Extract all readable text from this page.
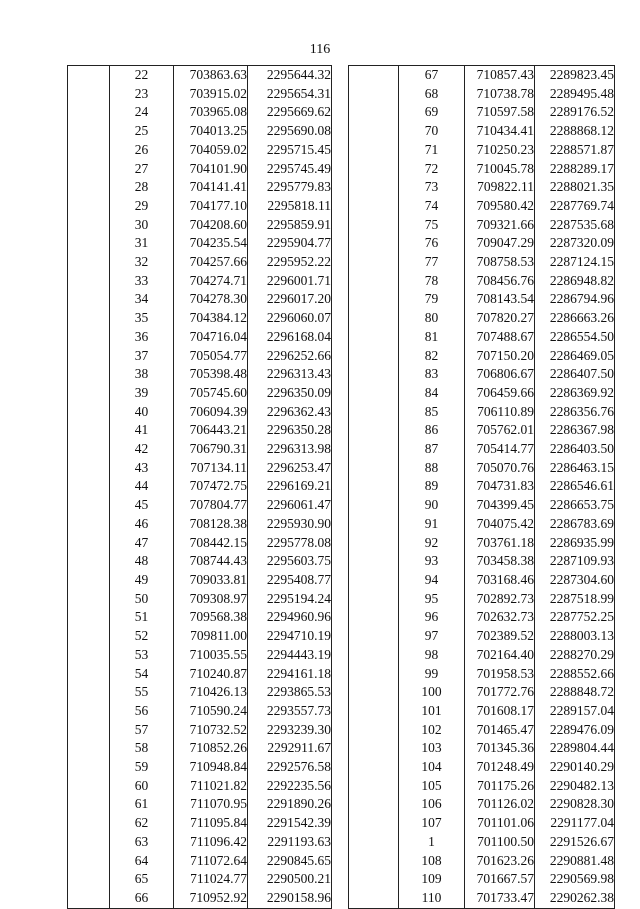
116
	22	703863.63	2295644.32
	23	703915.02	2295654.31
	24	703965.08	2295669.62
	25	704013.25	2295690.08
	26	704059.02	2295715.45
	27	704101.90	2295745.49
	28	704141.41	2295779.83
	29	704177.10	2295818.11
	30	704208.60	2295859.91
	31	704235.54	2295904.77
	32	704257.66	2295952.22
	33	704274.71	2296001.71
	34	704278.30	2296017.20
	35	704384.12	2296060.07
	36	704716.04	2296168.04
	37	705054.77	2296252.66
	38	705398.48	2296313.43
	39	705745.60	2296350.09
	40	706094.39	2296362.43
	41	706443.21	2296350.28
	42	706790.31	2296313.98
	43	707134.11	2296253.47
	44	707472.75	2296169.21
	45	707804.77	2296061.47
	46	708128.38	2295930.90
	47	708442.15	2295778.08
	48	708744.43	2295603.75
	49	709033.81	2295408.77
	50	709308.97	2295194.24
	51	709568.38	2294960.96
	52	709811.00	2294710.19
	53	710035.55	2294443.19
	54	710240.87	2294161.18
	55	710426.13	2293865.53
	56	710590.24	2293557.73
	57	710732.52	2293239.30
	58	710852.26	2292911.67
	59	710948.84	2292576.58
	60	711021.82	2292235.56
	61	711070.95	2291890.26
	62	711095.84	2291542.39
	63	711096.42	2291193.63
	64	711072.64	2290845.65
	65	711024.77	2290500.21
	66	710952.92	2290158.96
	67	710857.43	2289823.45
	68	710738.78	2289495.48
	69	710597.58	2289176.52
	70	710434.41	2288868.12
	71	710250.23	2288571.87
	72	710045.78	2288289.17
	73	709822.11	2288021.35
	74	709580.42	2287769.74
	75	709321.66	2287535.68
	76	709047.29	2287320.09
	77	708758.53	2287124.15
	78	708456.76	2286948.82
	79	708143.54	2286794.96
	80	707820.27	2286663.26
	81	707488.67	2286554.50
	82	707150.20	2286469.05
	83	706806.67	2286407.50
	84	706459.66	2286369.92
	85	706110.89	2286356.76
	86	705762.01	2286367.98
	87	705414.77	2286403.50
	88	705070.76	2286463.15
	89	704731.83	2286546.61
	90	704399.45	2286653.75
	91	704075.42	2286783.69
	92	703761.18	2286935.99
	93	703458.38	2287109.93
	94	703168.46	2287304.60
	95	702892.73	2287518.99
	96	702632.73	2287752.25
	97	702389.52	2288003.13
	98	702164.40	2288270.29
	99	701958.53	2288552.66
	100	701772.76	2288848.72
	101	701608.17	2289157.04
	102	701465.47	2289476.09
	103	701345.36	2289804.44
	104	701248.49	2290140.29
	105	701175.26	2290482.13
	106	701126.02	2290828.30
	107	701101.06	2291177.04
	1	701100.50	2291526.67
	108	701623.26	2290881.48
	109	701667.57	2290569.98
	110	701733.47	2290262.38
